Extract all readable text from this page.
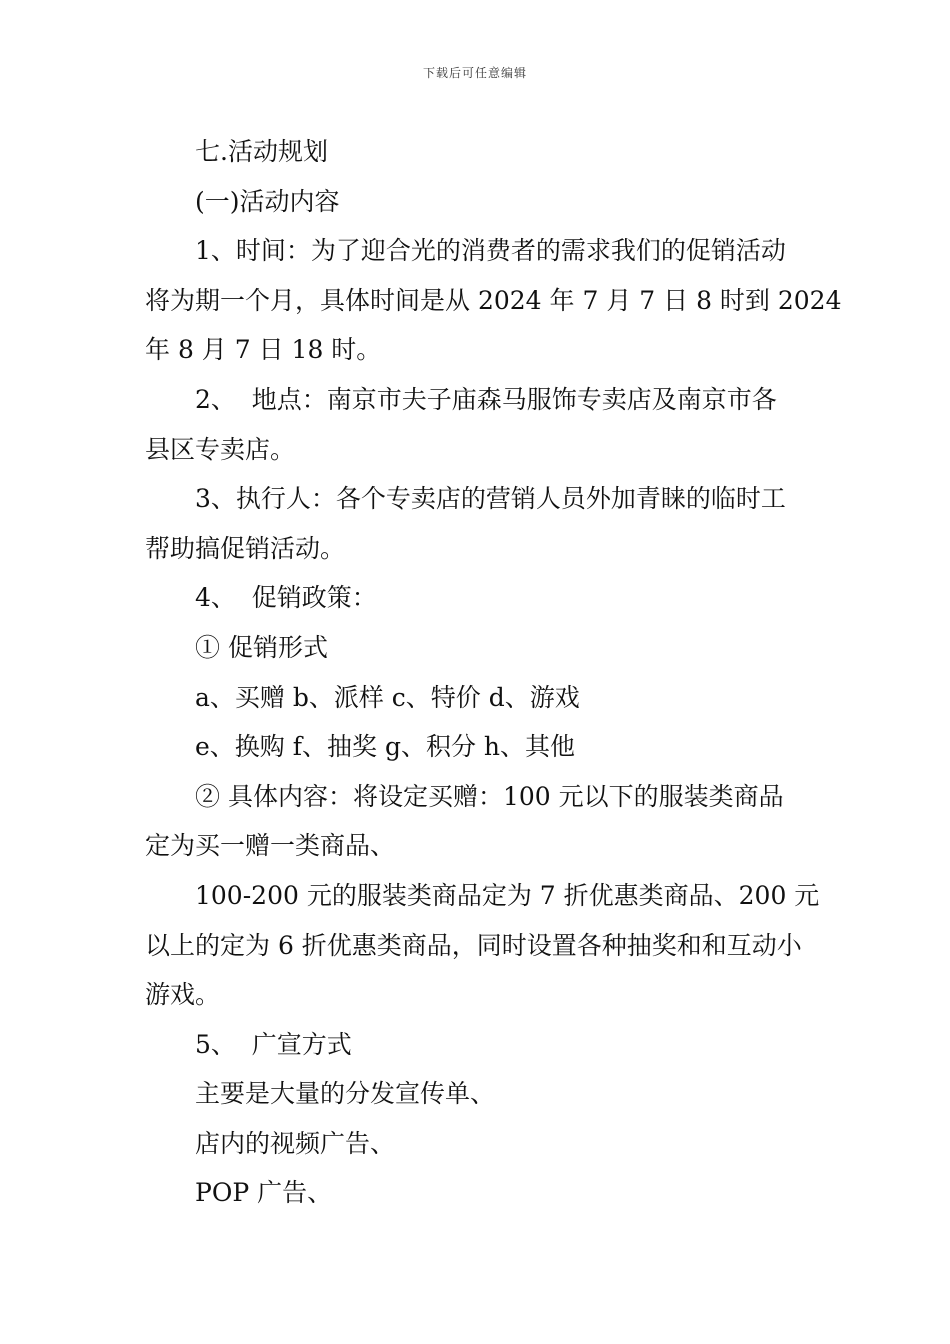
下载后可任意编辑
七.活动规划
(一)活动内容
1、时间：为了迎合光的消费者的需求我们的促销活动
将为期一个月，具体时间是从 2024 年 7 月 7 日 8 时到 2024
年 8 月 7 日 18 时。
2、  地点：南京市夫子庙森马服饰专卖店及南京市各
县区专卖店。
3、执行人：各个专卖店的营销人员外加青睐的临时工
帮助搞促销活动。
4、  促销政策：
① 促销形式
a、买赠 b、派样 c、特价 d、游戏
e、换购 f、抽奖 g、积分 h、其他
② 具体内容：将设定买赠：100 元以下的服装类商品
定为买一赠一类商品、
100-200 元的服装类商品定为 7 折优惠类商品、200 元
以上的定为 6 折优惠类商品，同时设置各种抽奖和和互动小
游戏。
5、  广宣方式
主要是大量的分发宣传单、
店内的视频广告、
POP 广告、
